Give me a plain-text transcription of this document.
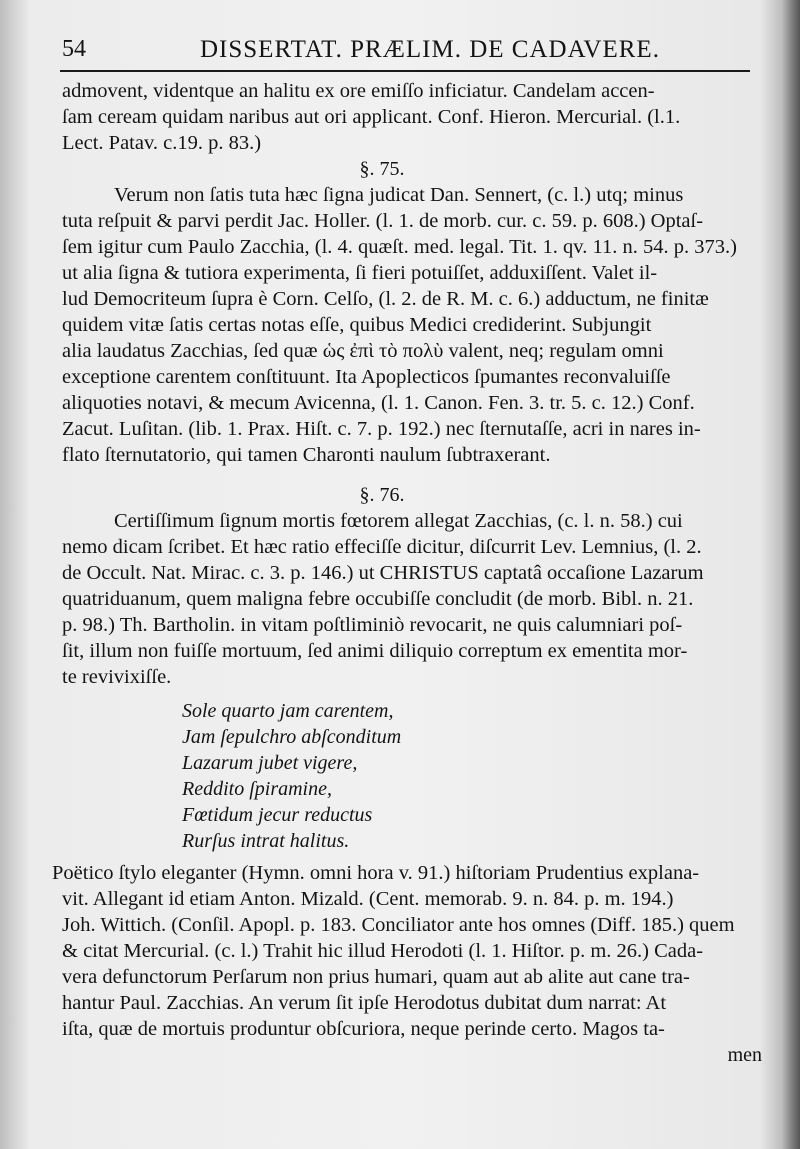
54	DISSERTAT. PRÆLIM. DE CADAVERE.
admovent, videntque an halitu ex ore emiſſo inficiatur. Candelam accen-
ſam ceream quidam naribus aut ori applicant. Conf. Hieron. Mercurial. (l.1.
Lect. Patav. c.19. p. 83.)
§. 75.
Verum non ſatis tuta hæc ſigna judicat Dan. Sennert, (c. l.) utq; minus
tuta reſpuit & parvi perdit Jac. Holler. (l. 1. de morb. cur. c. 59. p. 608.) Optaſ-
ſem igitur cum Paulo Zacchia, (l. 4. quæſt. med. legal. Tit. 1. qv. 11. n. 54. p. 373.)
ut alia ſigna & tutiora experimenta, ſi fieri potuiſſet, adduxiſſent. Valet il-
lud Democriteum ſupra è Corn. Celſo, (l. 2. de R. M. c. 6.) adductum, ne finitæ
quidem vitæ ſatis certas notas eſſe, quibus Medici crediderint. Subjungit
alia laudatus Zacchias, ſed quæ ὡς ἐπὶ τὸ πολὺ valent, neq; regulam omni
exceptione carentem conſtituunt. Ita Apoplecticos ſpumantes reconvaluiſſe
aliquoties notavi, & mecum Avicenna, (l. 1. Canon. Fen. 3. tr. 5. c. 12.) Conf.
Zacut. Luſitan. (lib. 1. Prax. Hiſt. c. 7. p. 192.) nec ſternutaſſe, acri in nares in-
flato ſternutatorio, qui tamen Charonti naulum ſubtraxerant.
§. 76.
Certiſſimum ſignum mortis fœtorem allegat Zacchias, (c. l. n. 58.) cui
nemo dicam ſcribet. Et hæc ratio effeciſſe dicitur, diſcurrit Lev. Lemnius, (l. 2.
de Occult. Nat. Mirac. c. 3. p. 146.) ut CHRISTUS captatâ occaſione Lazarum
quatriduanum, quem maligna febre occubiſſe concludit (de morb. Bibl. n. 21.
p. 98.) Th. Bartholin. in vitam poſtliminiò revocarit, ne quis calumniari poſ-
ſit, illum non fuiſſe mortuum, ſed animi diliquio correptum ex ementita mor-
te revivixiſſe.
Sole quarto jam carentem,
Jam ſepulchro abſconditum
Lazarum jubet vigere,
Reddito ſpiramine,
Fœtidum jecur reductus
Rurſus intrat halitus.
Poëtico ſtylo eleganter (Hymn. omni hora v. 91.) hiſtoriam Prudentius explana-
vit. Allegant id etiam Anton. Mizald. (Cent. memorab. 9. n. 84. p. m. 194.)
Joh. Wittich. (Conſil. Apopl. p. 183. Conciliator ante hos omnes (Diff. 185.) quem
& citat Mercurial. (c. l.) Trahit hic illud Herodoti (l. 1. Hiſtor. p. m. 26.) Cada-
vera defunctorum Perſarum non prius humari, quam aut ab alite aut cane tra-
hantur Paul. Zacchias. An verum ſit ipſe Herodotus dubitat dum narrat: At
iſta, quæ de mortuis produntur obſcuriora, neque perinde certo. Magos ta-
men
